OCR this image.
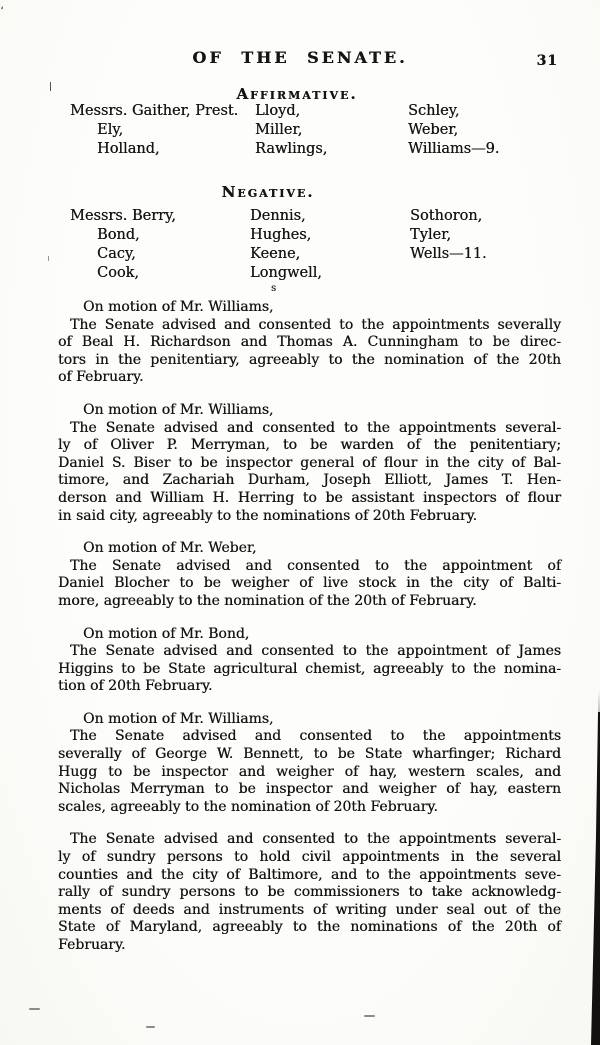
OF THE SENATE.	31
Affirmative.
Messrs. Gaither, Prest.
Ely,
Holland,
Lloyd,
Miller,
Rawlings,
Schley,
Weber,
Williams—9.
Negative.
Messrs. Berry,
Bond,
Cacy,
Cook,
Dennis,
Hughes,
Keene,
Longwell,
Sothoron,
Tyler,
Wells—11.
On motion of Mr. Williams,
The Senate advised and consented to the appointments severally
of Beal H. Richardson and Thomas A. Cunningham to be direc-
tors in the penitentiary, agreeably to the nomination of the 20th
of February.
On motion of Mr. Williams,
The Senate advised and consented to the appointments several-
ly of Oliver P. Merryman, to be warden of the penitentiary;
Daniel S. Biser to be inspector general of flour in the city of Bal-
timore, and Zachariah Durham, Joseph Elliott, James T. Hen-
derson and William H. Herring to be assistant inspectors of flour
in said city, agreeably to the nominations of 20th February.
On motion of Mr. Weber,
The Senate advised and consented to the appointment of
Daniel Blocher to be weigher of live stock in the city of Balti-
more, agreeably to the nomination of the 20th of February.
On motion of Mr. Bond,
The Senate advised and consented to the appointment of James
Higgins to be State agricultural chemist, agreeably to the nomina-
tion of 20th February.
On motion of Mr. Williams,
The Senate advised and consented to the appointments
severally of George W. Bennett, to be State wharfinger; Richard
Hugg to be inspector and weigher of hay, western scales, and
Nicholas Merryman to be inspector and weigher of hay, eastern
scales, agreeably to the nomination of 20th February.
The Senate advised and consented to the appointments several-
ly of sundry persons to hold civil appointments in the several
counties and the city of Baltimore, and to the appointments seve-
rally of sundry persons to be commissioners to take acknowledg-
ments of deeds and instruments of writing under seal out of the
State of Maryland, agreeably to the nominations of the 20th of
February.
‘
s
